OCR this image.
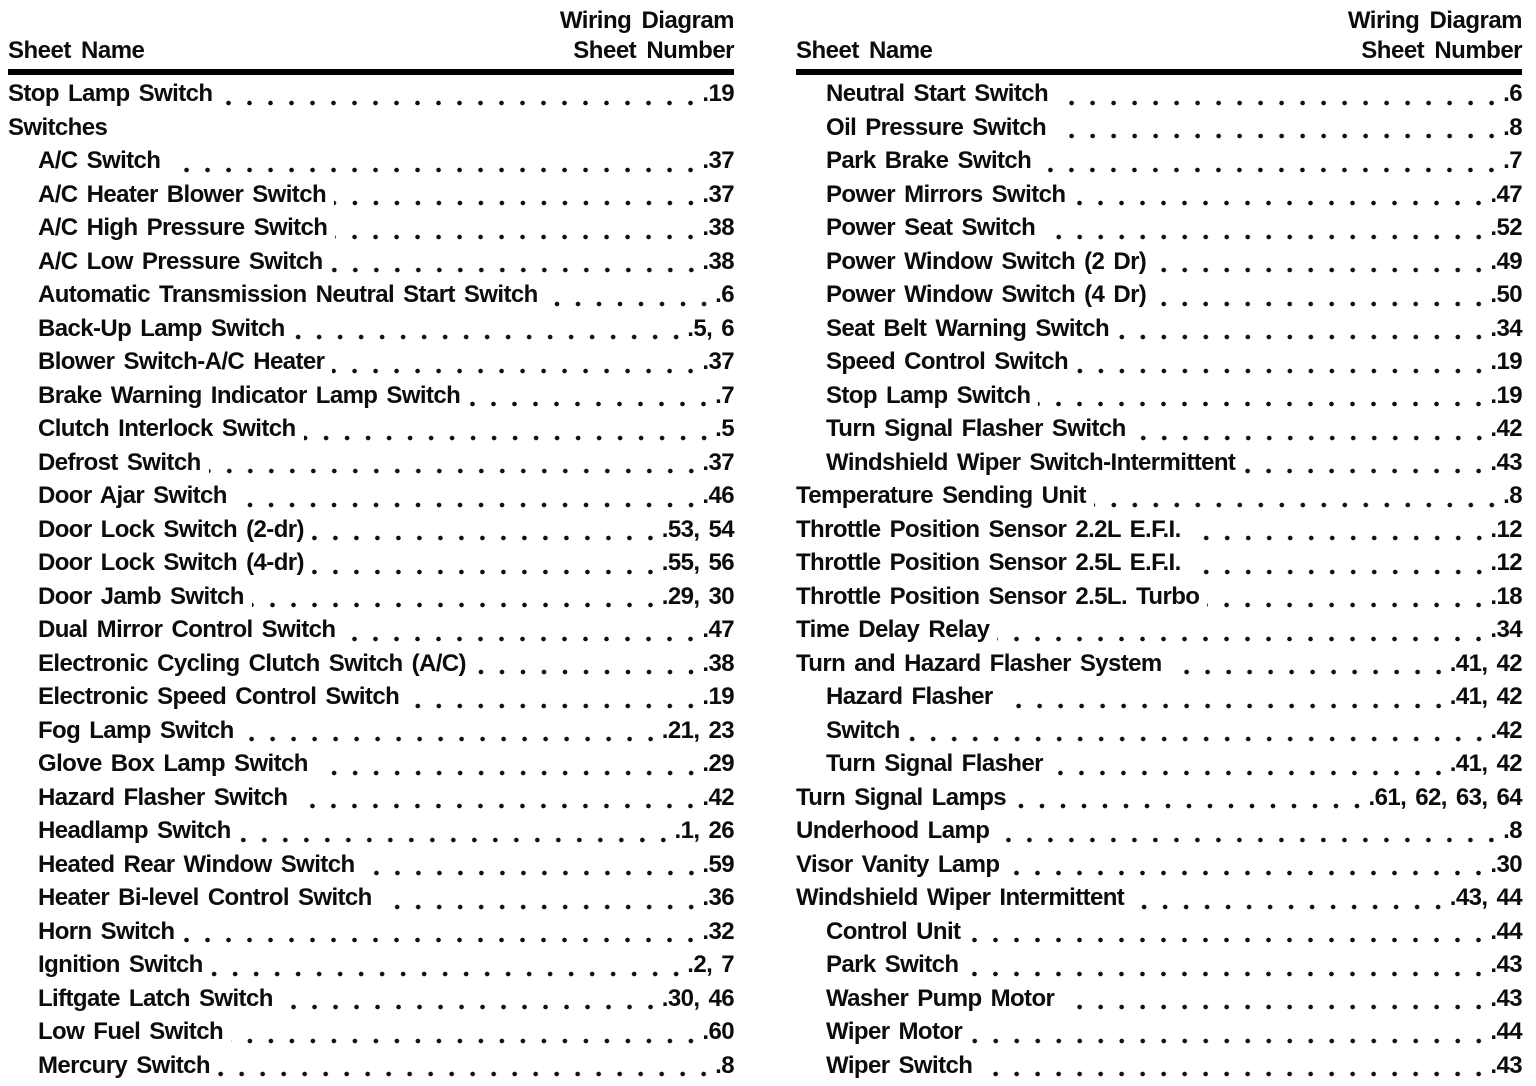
Wiring Diagram
Sheet Name	Sheet Number
Stop Lamp Switch	.19
Switches
A/C Switch	.37
A/C Heater Blower Switch	.37
A/C High Pressure Switch	.38
A/C Low Pressure Switch	.38
Automatic Transmission Neutral Start Switch	.6
Back-Up Lamp Switch	.5, 6
Blower Switch-A/C Heater	.37
Brake Warning Indicator Lamp Switch	.7
Clutch Interlock Switch	.5
Defrost Switch	.37
Door Ajar Switch	.46
Door Lock Switch (2-dr)	.53, 54
Door Lock Switch (4-dr)	.55, 56
Door Jamb Switch	.29, 30
Dual Mirror Control Switch	.47
Electronic Cycling Clutch Switch (A/C)	.38
Electronic Speed Control Switch	.19
Fog Lamp Switch	.21, 23
Glove Box Lamp Switch	.29
Hazard Flasher Switch	.42
Headlamp Switch	.1, 26
Heated Rear Window Switch	.59
Heater Bi-level Control Switch	.36
Horn Switch	.32
Ignition Switch	.2, 7
Liftgate Latch Switch	.30, 46
Low Fuel Switch	.60
Mercury Switch	.8
Wiring Diagram
Sheet Name	Sheet Number
Neutral Start Switch	.6
Oil Pressure Switch	.8
Park Brake Switch	.7
Power Mirrors Switch	.47
Power Seat Switch	.52
Power Window Switch (2 Dr)	.49
Power Window Switch (4 Dr)	.50
Seat Belt Warning Switch	.34
Speed Control Switch	.19
Stop Lamp Switch	.19
Turn Signal Flasher Switch	.42
Windshield Wiper Switch-Intermittent	.43
Temperature Sending Unit	.8
Throttle Position Sensor 2.2L E.F.I.	.12
Throttle Position Sensor 2.5L E.F.I.	.12
Throttle Position Sensor 2.5L. Turbo	.18
Time Delay Relay	.34
Turn and Hazard Flasher System	.41, 42
Hazard Flasher	.41, 42
Switch	.42
Turn Signal Flasher	.41, 42
Turn Signal Lamps	.61, 62, 63, 64
Underhood Lamp	.8
Visor Vanity Lamp	.30
Windshield Wiper Intermittent	.43, 44
Control Unit	.44
Park Switch	.43
Washer Pump Motor	.43
Wiper Motor	.44
Wiper Switch	.43
